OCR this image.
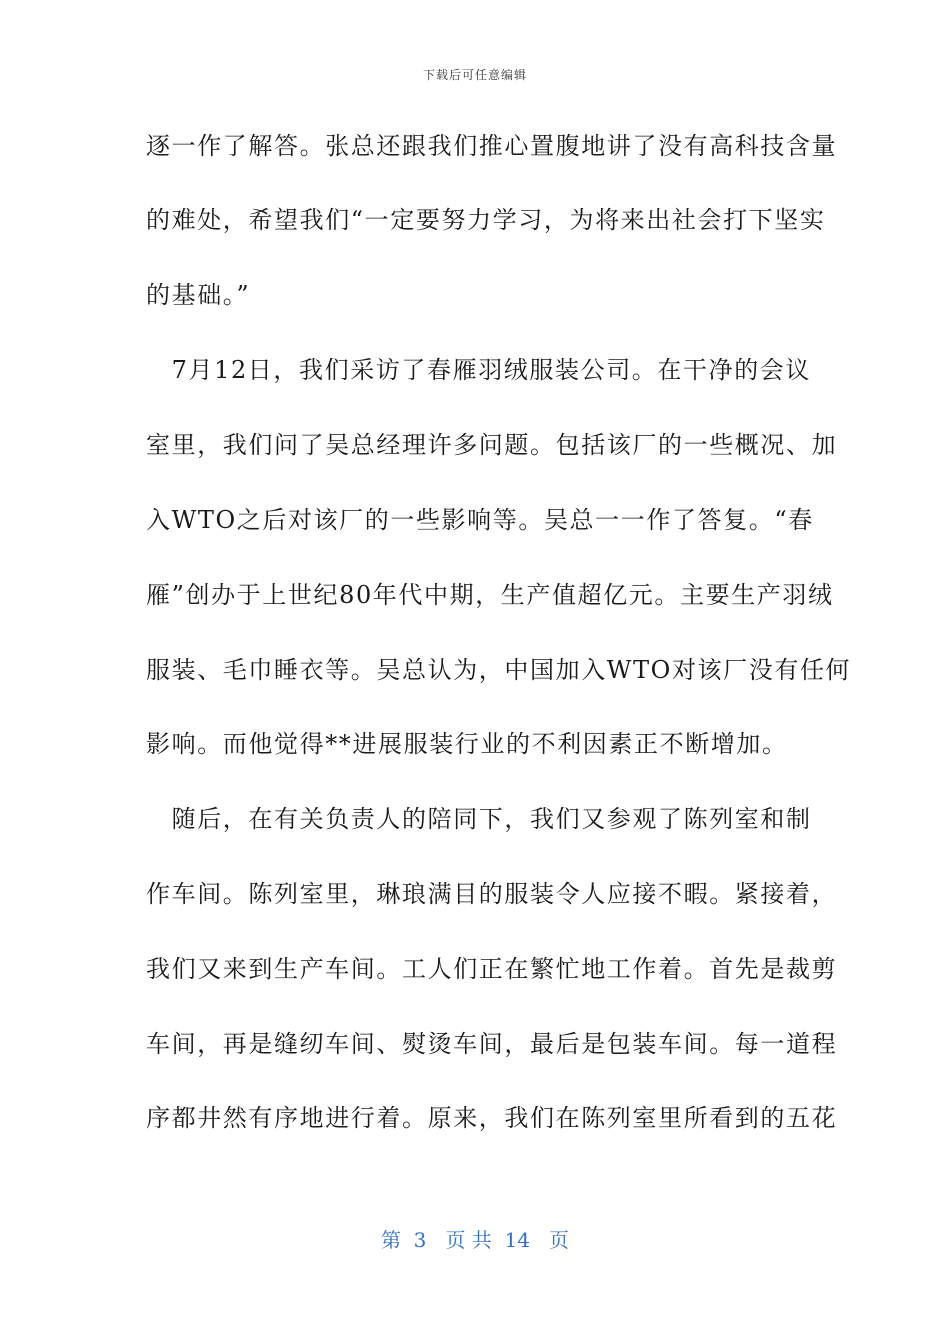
下载后可任意编辑
逐一作了解答。张总还跟我们推心置腹地讲了没有高科技含量
的难处，希望我们“一定要努力学习，为将来出社会打下坚实
的基础。”
　7月12日，我们采访了春雁羽绒服装公司。在干净的会议
室里，我们问了吴总经理许多问题。包括该厂的一些概况、加
入WTO之后对该厂的一些影响等。吴总一一作了答复。“春
雁”创办于上世纪80年代中期，生产值超亿元。主要生产羽绒
服装、毛巾睡衣等。吴总认为，中国加入WTO对该厂没有任何
影响。而他觉得**进展服装行业的不利因素正不断增加。
　随后，在有关负责人的陪同下，我们又参观了陈列室和制
作车间。陈列室里，琳琅满目的服装令人应接不暇。紧接着，
我们又来到生产车间。工人们正在繁忙地工作着。首先是裁剪
车间，再是缝纫车间、熨烫车间，最后是包装车间。每一道程
序都井然有序地进行着。原来，我们在陈列室里所看到的五花
第  3   页 共  14   页
